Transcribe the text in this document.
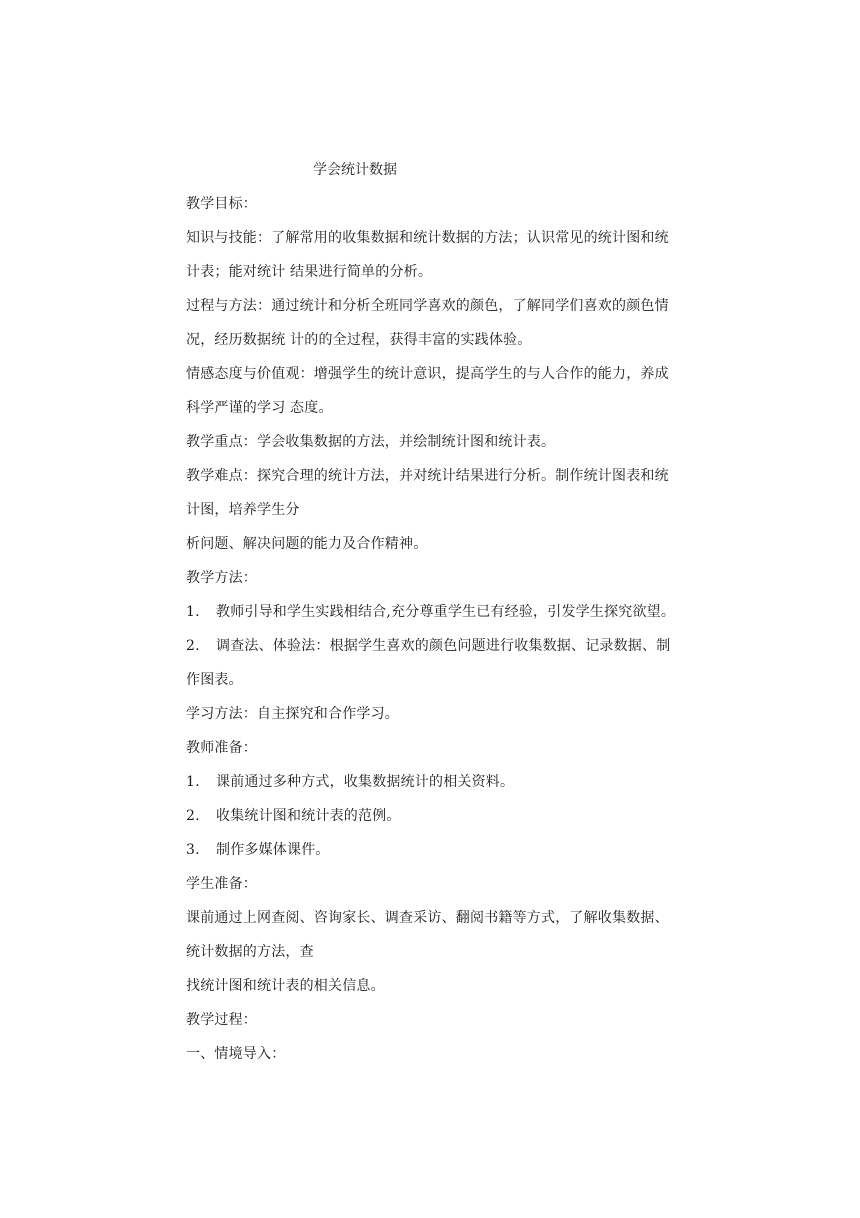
学会统计数据
教学目标：
知识与技能：了解常用的收集数据和统计数据的方法；认识常见的统计图和统
计表；能对统计 结果进行简单的分析。
过程与方法：通过统计和分析全班同学喜欢的颜色，了解同学们喜欢的颜色情
况，经历数据统 计的的全过程，获得丰富的实践体验。
情感态度与价值观：增强学生的统计意识，提高学生的与人合作的能力，养成
科学严谨的学习 态度。
教学重点：学会收集数据的方法，并绘制统计图和统计表。
教学难点：探究合理的统计方法，并对统计结果进行分析。制作统计图表和统
计图，培养学生分
析问题、解决问题的能力及合作精神。
教学方法：
1. 教师引导和学生实践相结合,充分尊重学生已有经验，引发学生探究欲望。
2. 调查法、体验法：根据学生喜欢的颜色问题进行收集数据、记录数据、制
作图表。
学习方法：自主探究和合作学习。
教师准备：
1. 课前通过多种方式，收集数据统计的相关资料。
2. 收集统计图和统计表的范例。
3. 制作多媒体课件。
学生准备：
课前通过上网查阅、咨询家长、调查采访、翻阅书籍等方式，了解收集数据、
统计数据的方法，查
找统计图和统计表的相关信息。
教学过程：
一、情境导入：
